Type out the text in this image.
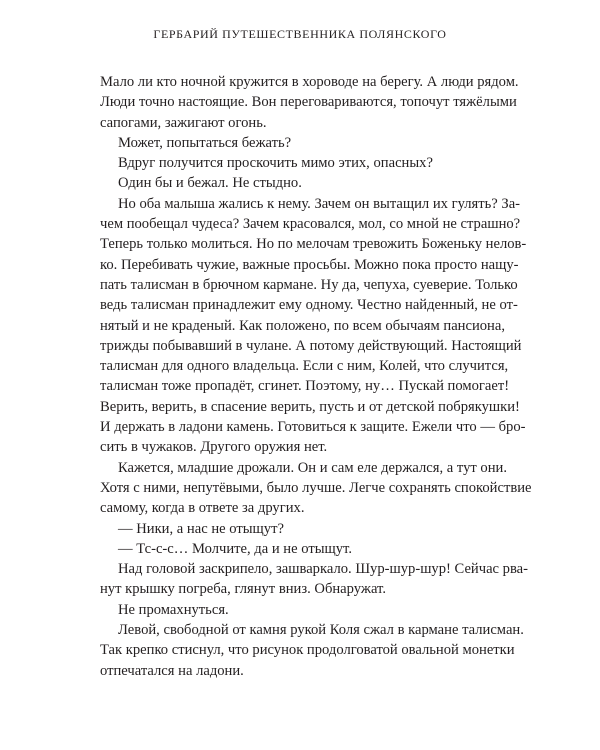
ГЕРБАРИЙ ПУТЕШЕСТВЕННИКА ПОЛЯНСКОГО
Мало ли кто ночной кружится в хороводе на берегу. А люди рядом.
Люди точно настоящие. Вон переговариваются, топочут тяжёлыми
сапогами, зажигают огонь.
Может, попытаться бежать?
Вдруг получится проскочить мимо этих, опасных?
Один бы и бежал. Не стыдно.
Но оба малыша жались к нему. Зачем он вытащил их гулять? За-
чем пообещал чудеса? Зачем красовался, мол, со мной не страшно?
Теперь только молиться. Но по мелочам тревожить Боженьку нелов-
ко. Перебивать чужие, важные просьбы. Можно пока просто нащу-
пать талисман в брючном кармане. Ну да, чепуха, суеверие. Только
ведь талисман принадлежит ему одному. Честно найденный, не от-
нятый и не краденый. Как положено, по всем обычаям пансиона,
трижды побывавший в чулане. А потому действующий. Настоящий
талисман для одного владельца. Если с ним, Колей, что случится,
талисман тоже пропадёт, сгинет. Поэтому, ну… Пускай помогает!
Верить, верить, в спасение верить, пусть и от детской побрякушки!
И держать в ладони камень. Готовиться к защите. Ежели что — бро-
сить в чужаков. Другого оружия нет.
Кажется, младшие дрожали. Он и сам еле держался, а тут они.
Хотя с ними, непутёвыми, было лучше. Легче сохранять спокойствие
самому, когда в ответе за других.
— Ники, а нас не отыщут?
— Тс-с-с… Молчите, да и не отыщут.
Над головой заскрипело, зашваркало. Шур-шур-шур! Сейчас рва-
нут крышку погреба, глянут вниз. Обнаружат.
Не промахнуться.
Левой, свободной от камня рукой Коля сжал в кармане талисман.
Так крепко стиснул, что рисунок продолговатой овальной монетки
отпечатался на ладони.
